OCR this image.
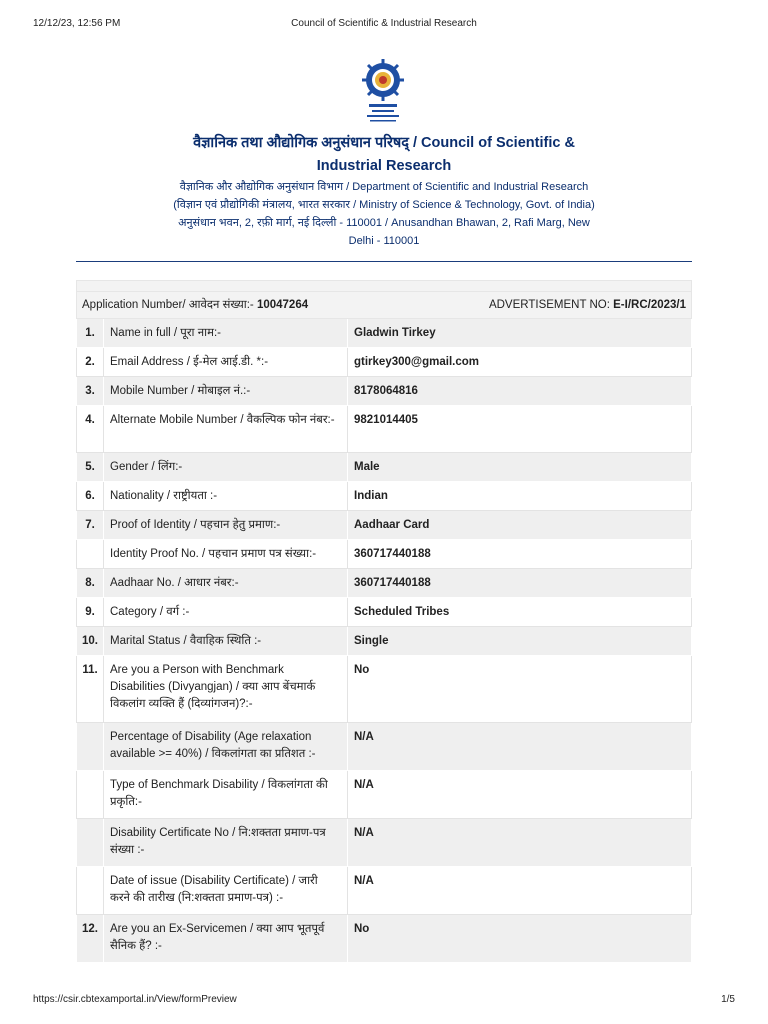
12/12/23, 12:56 PM	Council of Scientific & Industrial Research
वैज्ञानिक तथा औद्योगिक अनुसंधान परिषद् / Council of Scientific &
Industrial Research
वैज्ञानिक और औद्योगिक अनुसंधान विभाग / Department of Scientific and Industrial Research
(विज्ञान एवं प्रौद्योगिकी मंत्रालय, भारत सरकार / Ministry of Science & Technology, Govt. of India)
अनुसंधान भवन, 2, रफ़ी मार्ग, नई दिल्ली - 110001 / Anusandhan Bhawan, 2, Rafi Marg, New
Delhi - 110001

Application Number/ आवेदन संख्या:- 10047264 ADVERTISEMENT NO: E-I/RC/2023/1		

1.	Name in full / पूरा नाम:-	Gladwin Tirkey
2.	Email Address / ई-मेल आई.डी. *:-	gtirkey300@gmail.com
3.	Mobile Number / मोबाइल नं.:-	8178064816
4.	Alternate Mobile Number / वैकल्पिक फोन नंबर:-	9821014405
5.	Gender / लिंग:-	Male
6.	Nationality / राष्ट्रीयता :-	Indian
7.	Proof of Identity / पहचान हेतु प्रमाण:-	Aadhaar Card
	Identity Proof No. / पहचान प्रमाण पत्र संख्या:-	360717440188
8.	Aadhaar No. / आधार नंबर:-	360717440188
9.	Category / वर्ग :-	Scheduled Tribes
10.	Marital Status / वैवाहिक स्थिति :-	Single
11.	Are you a Person with Benchmark Disabilities (Divyangjan) / क्या आप बेंचमार्क विकलांग व्यक्ति हैं (दिव्यांगजन)?:-	No
	Percentage of Disability (Age relaxation available >= 40%) / विकलांगता का प्रतिशत :-	N/A
	Type of Benchmark Disability / विकलांगता की प्रकृति:-	N/A
	Disability Certificate No / नि:शक्तता प्रमाण-पत्र संख्या :-	N/A
	Date of issue (Disability Certificate) / जारी करने की तारीख (नि:शक्तता प्रमाण-पत्र) :-	N/A
12.	Are you an Ex-Servicemen / क्या आप भूतपूर्व सैनिक हैं? :-	No
https://csir.cbtexamportal.in/View/formPreview	1/5
